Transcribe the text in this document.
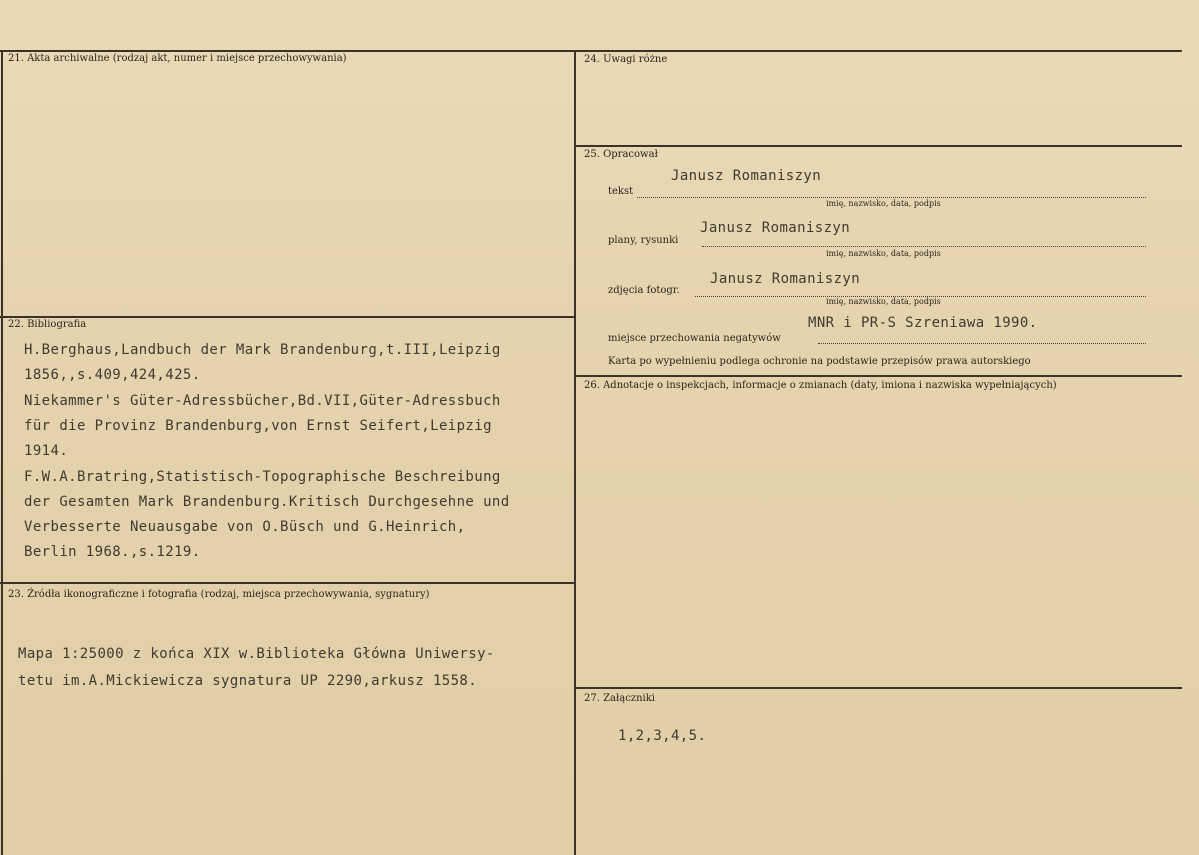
21. Akta archiwalne (rodzaj akt, numer i miejsce przechowywania)
22. Bibliografia
H.Berghaus,Landbuch der Mark Brandenburg,t.III,Leipzig
1856,,s.409,424,425.
Niekammer's Güter-Adressbücher,Bd.VII,Güter-Adressbuch
für die Provinz Brandenburg,von Ernst Seifert,Leipzig
1914.
F.W.A.Bratring,Statistisch-Topographische Beschreibung
der Gesamten Mark Brandenburg.Kritisch Durchgesehne und
Verbesserte Neuausgabe von O.Büsch und G.Heinrich,
Berlin 1968.,s.1219.
23. Źródła ikonograficzne i fotografia (rodzaj, miejsca przechowywania, sygnatury)
Mapa 1:25000 z końca XIX w.Biblioteka Główna Uniwersy-
tetu im.A.Mickiewicza sygnatura UP 2290,arkusz 1558.
24. Uwagi różne
25. Opracował
tekst
Janusz Romaniszyn
imię, nazwisko, data, podpis
plany, rysunki
Janusz Romaniszyn
imię, nazwisko, data, podpis
zdjęcia fotogr.
Janusz Romaniszyn
imię, nazwisko, data, podpis
miejsce przechowania negatywów
MNR i PR-S Szreniawa 1990.
Karta po wypełnieniu podlega ochronie na podstawie przepisów prawa autorskiego
26. Adnotacje o inspekcjach, informacje o zmianach (daty, imiona i nazwiska wypełniających)
27. Załączniki
1,2,3,4,5.
